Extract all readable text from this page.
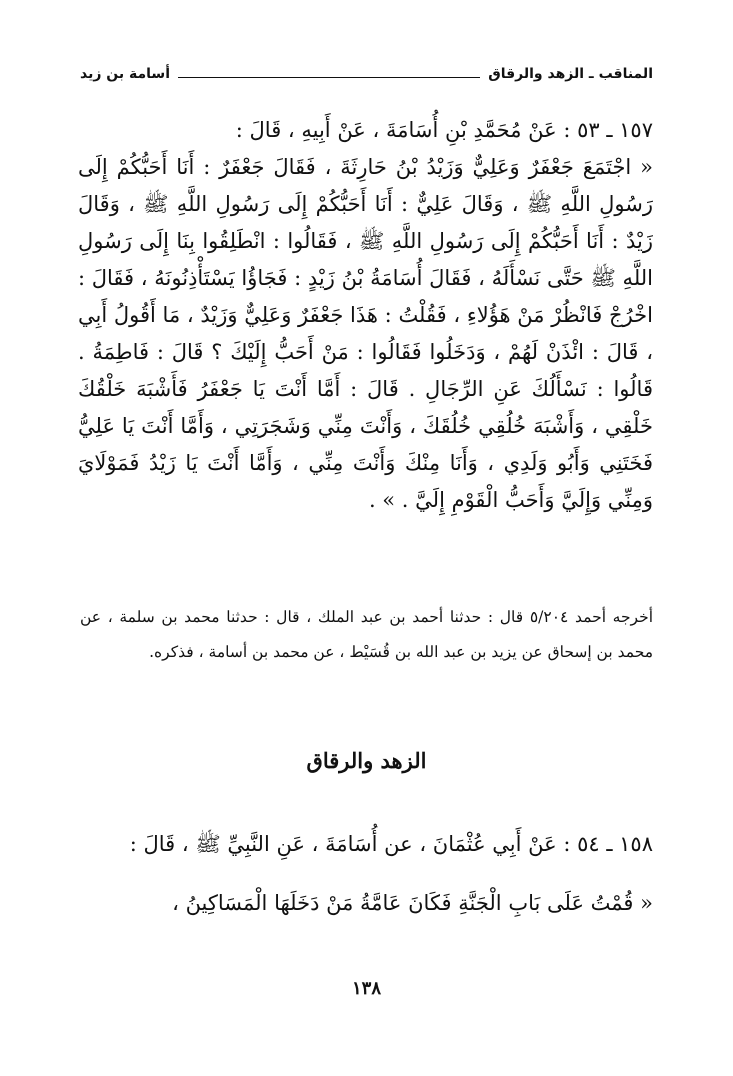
المناقب ـ الزهد والرقاق
أسامة بن زيد

١٥٧ ـ ٥٣ : عَنْ مُحَمَّدِ بْنِ أُسَامَةَ ، عَنْ أَبِيهِ ، قَالَ :

« اجْتَمَعَ جَعْفَرٌ وَعَلِيٌّ وَزَيْدُ بْنُ حَارِثَةَ ، فَقَالَ جَعْفَرٌ : أَنَا أَحَبُّكُمْ إِلَى رَسُولِ اللَّهِ ﷺ ، وَقَالَ عَلِيٌّ : أَنَا أَحَبُّكُمْ إِلَى رَسُولِ اللَّهِ ﷺ ، وَقَالَ زَيْدٌ : أَنَا أَحَبُّكُمْ إِلَى رَسُولِ اللَّهِ ﷺ ، فَقَالُوا : انْطَلِقُوا بِنَا إِلَى رَسُولِ اللَّهِ ﷺ حَتَّى نَسْأَلَهُ ، فَقَالَ أُسَامَةُ بْنُ زَيْدٍ : فَجَاؤُا يَسْتَأْذِنُونَهُ ، فَقَالَ : اخْرُجْ فَانْظُرْ مَنْ هَؤُلاءِ ، فَقُلْتُ : هَذَا جَعْفَرٌ وَعَلِيٌّ وَزَيْدٌ ، مَا أَقُولُ أَبِي ، قَالَ : ائْذَنْ لَهُمْ ، وَدَخَلُوا فَقَالُوا : مَنْ أَحَبُّ إِلَيْكَ ؟ قَالَ : فَاطِمَةُ . قَالُوا : نَسْأَلُكَ عَنِ الرِّجَالِ . قَالَ : أَمَّا أَنْتَ يَا جَعْفَرُ فَأَشْبَهَ خَلْقُكَ خَلْقِي ، وَأَشْبَهَ خُلُقِي خُلُقَكَ ، وَأَنْتَ مِنِّي وَشَجَرَتِي ، وَأَمَّا أَنْتَ يَا عَلِيُّ فَخَتَنِي وَأَبُو وَلَدِي ، وَأَنَا مِنْكَ وَأَنْتَ مِنِّي ، وَأَمَّا أَنْتَ يَا زَيْدُ فَمَوْلَايَ وَمِنِّي وَإِلَيَّ وَأَحَبُّ الْقَوْمِ إِلَيَّ . » .

أخرجه أحمد ٥/٢٠٤ قال : حدثنا أحمد بن عبد الملك ، قال : حدثنا محمد بن سلمة ، عن محمد بن إسحاق عن يزيد بن عبد الله بن قُسَيْط ، عن محمد بن أسامة ، فذكره.

الزهد والرقاق

١٥٨ ـ ٥٤ : عَنْ أَبِي عُثْمَانَ ، عن أُسَامَةَ ، عَنِ النَّبِيِّ ﷺ ، قَالَ :

« قُمْتُ عَلَى بَابِ الْجَنَّةِ فَكَانَ عَامَّةُ مَنْ دَخَلَهَا الْمَسَاكِينُ ،

١٣٨
